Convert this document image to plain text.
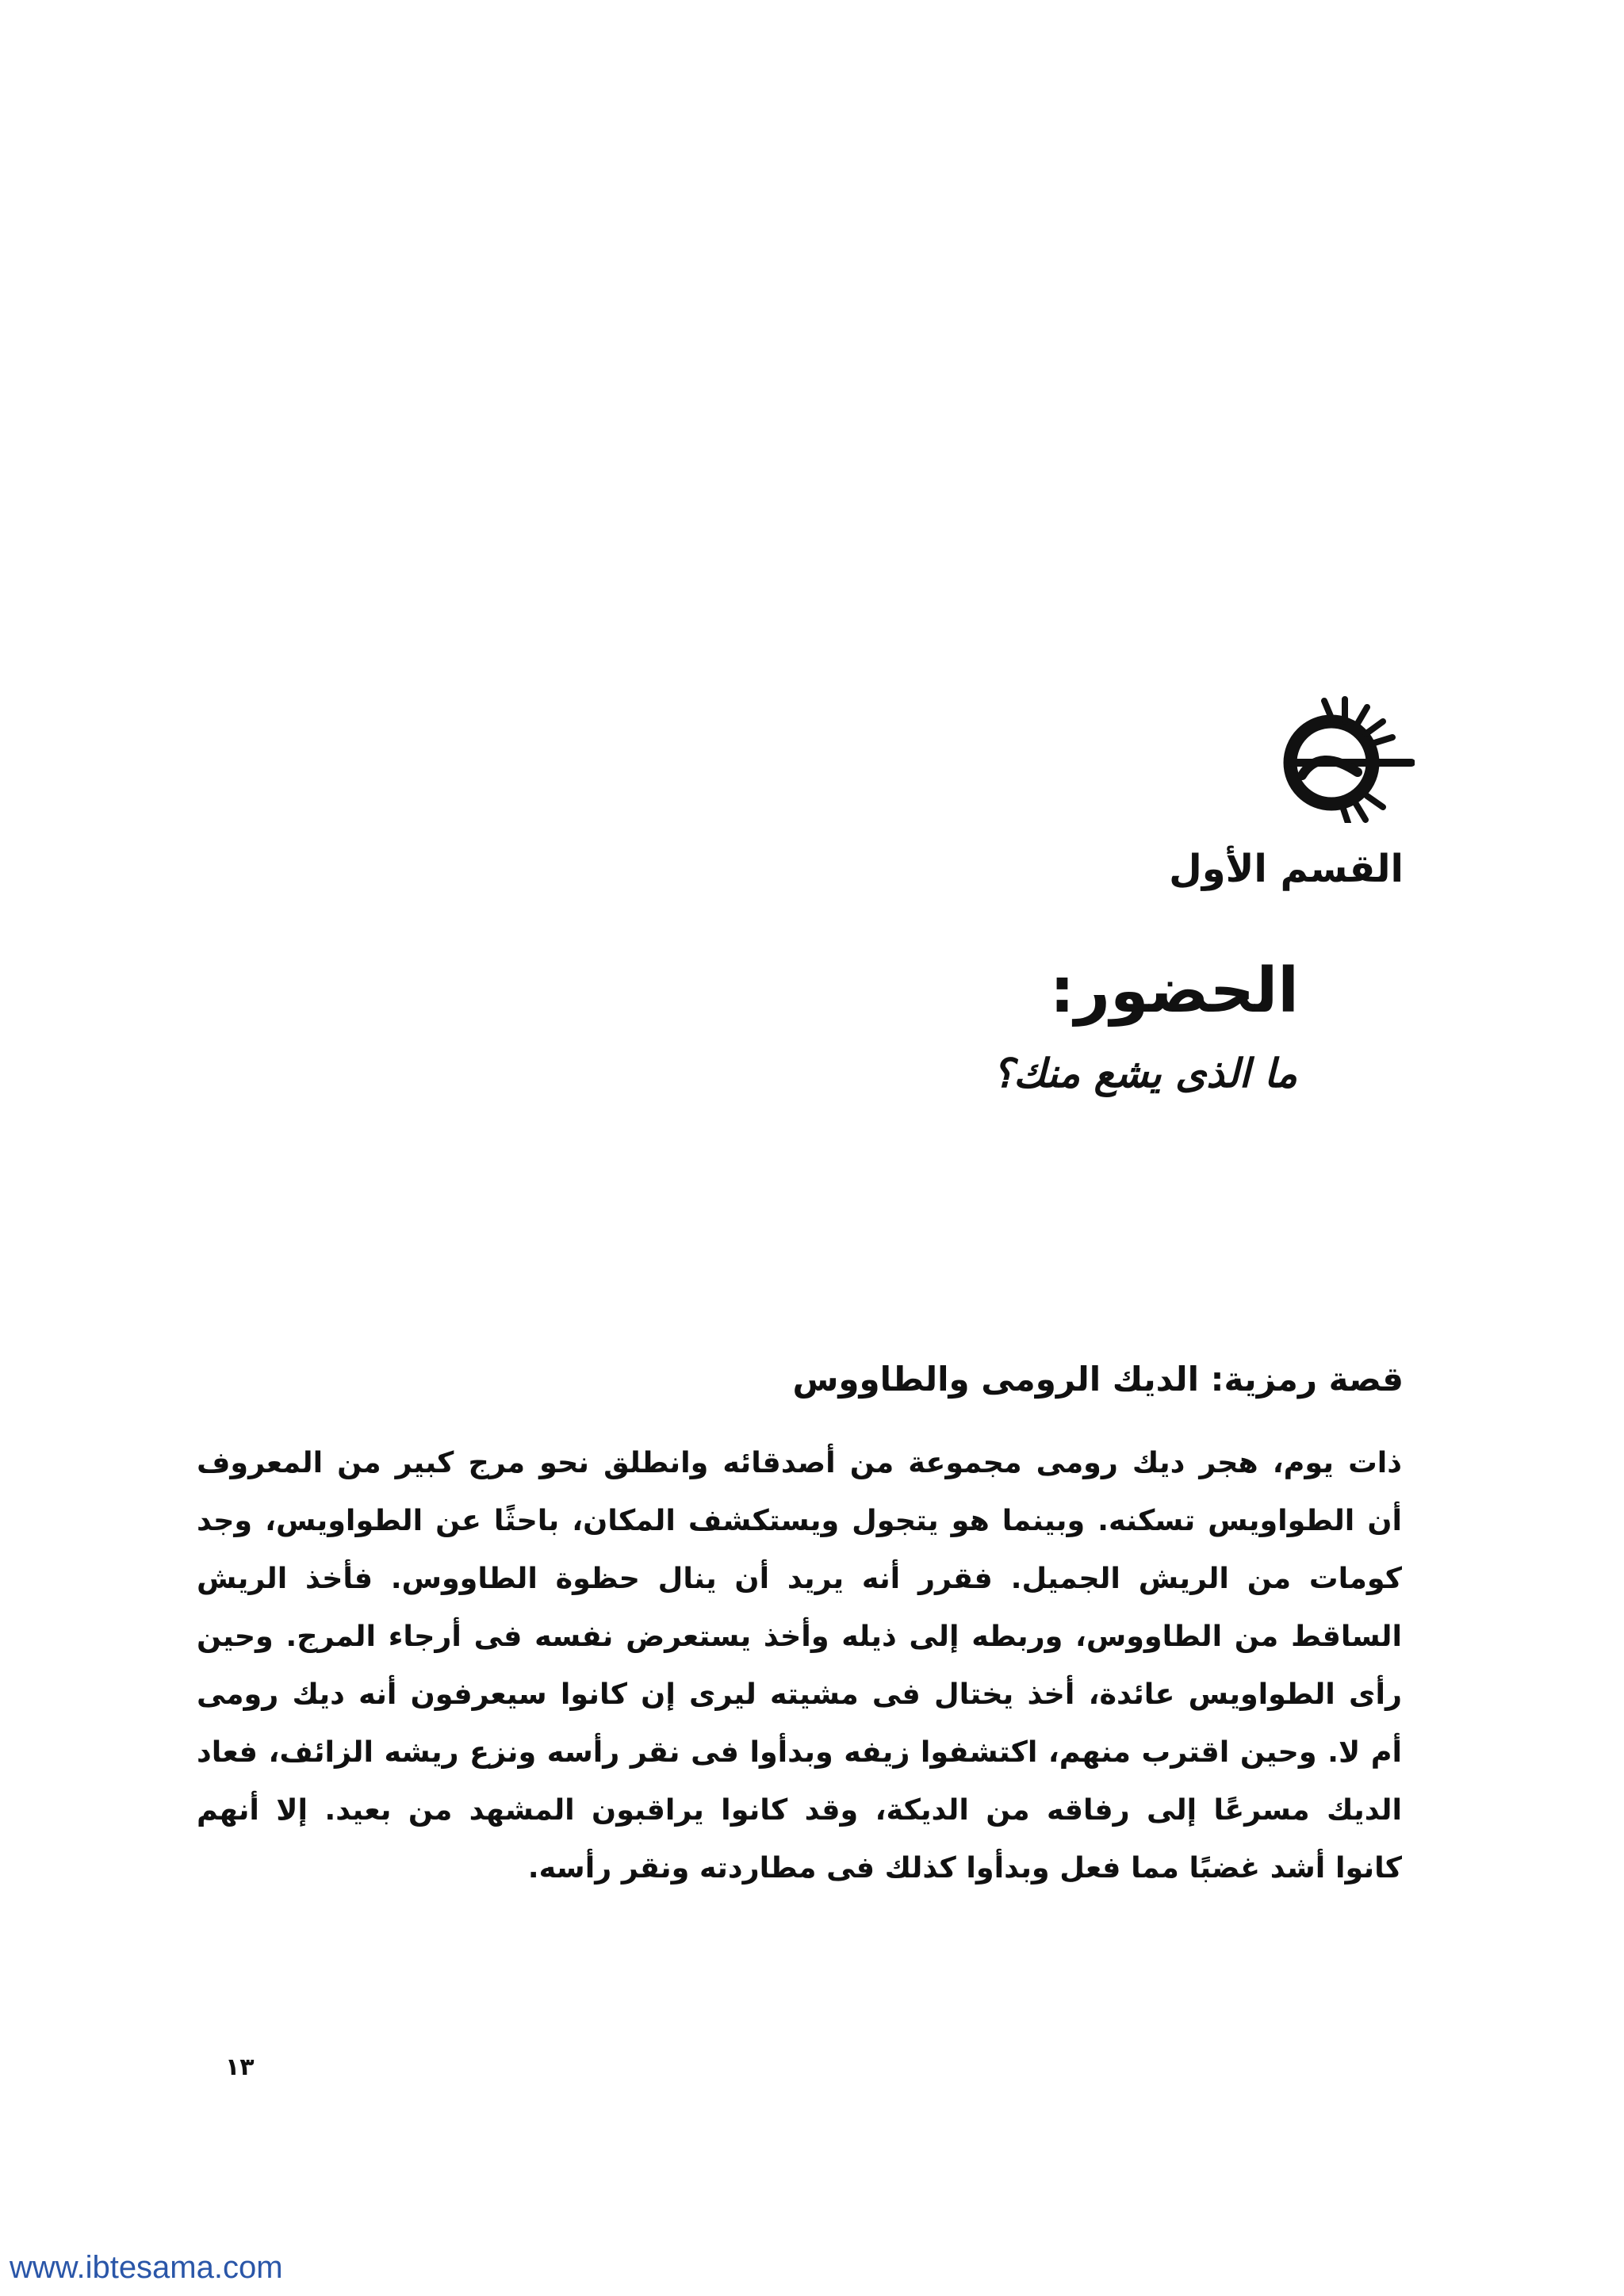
القسم الأول
الحضور:
ما الذى يشع منك؟
قصة رمزية: الديك الرومى والطاووس
ذات يوم، هجر ديك رومى مجموعة من أصدقائه وانطلق نحو مرج كبير من المعروف
أن الطواويس تسكنه. وبينما هو يتجول ويستكشف المكان، باحثًا عن الطواويس، وجد
كومات من الريش الجميل. فقرر أنه يريد أن ينال حظوة الطاووس. فأخذ الريش
الساقط من الطاووس، وربطه إلى ذيله وأخذ يستعرض نفسه فى أرجاء المرج. وحين
رأى الطواويس عائدة، أخذ يختال فى مشيته ليرى إن كانوا سيعرفون أنه ديك رومى
أم لا. وحين اقترب منهم، اكتشفوا زيفه وبدأوا فى نقر رأسه ونزع ريشه الزائف، فعاد
الديك مسرعًا إلى رفاقه من الديكة، وقد كانوا يراقبون المشهد من بعيد. إلا أنهم
كانوا أشد غضبًا مما فعل وبدأوا كذلك فى مطاردته ونقر رأسه.
١٣
www.ibtesama.com
